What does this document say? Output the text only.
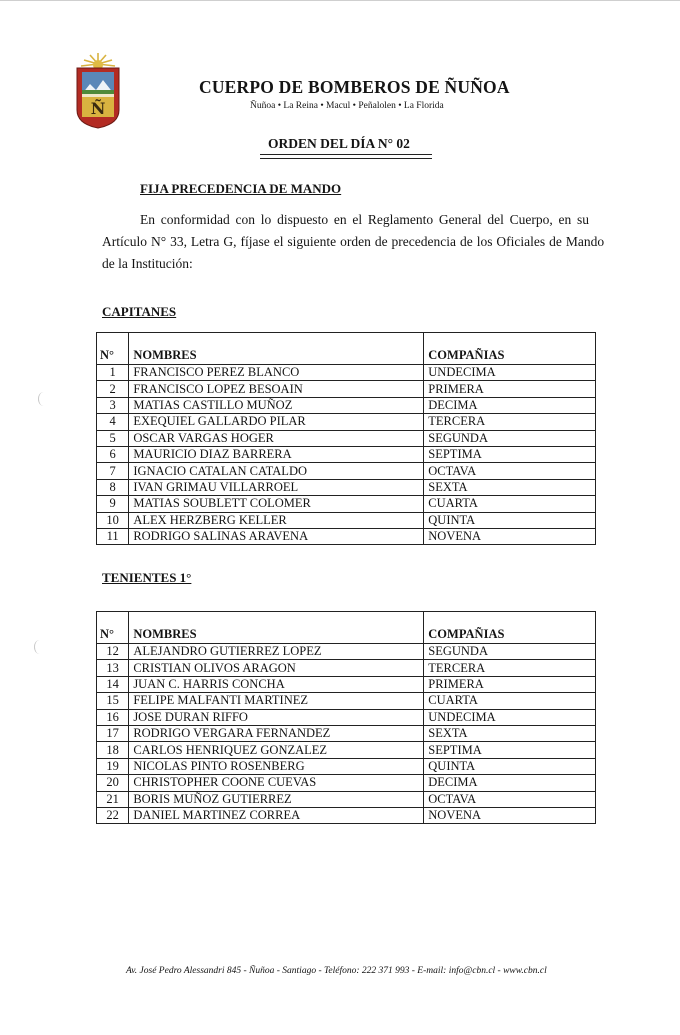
Ñ
CUERPO DE BOMBEROS DE ÑUÑOA
Ñuñoa • La Reina • Macul • Peñalolen • La Florida
ORDEN DEL DÍA N° 02
FIJA PRECEDENCIA DE MANDO
En conformidad con lo dispuesto en el Reglamento General del Cuerpo, en su
Artículo N° 33, Letra G, fíjase el siguiente orden de precedencia de los Oficiales de Mando
de la Institución:
CAPITANES
N°	NOMBRES	COMPAÑIAS
1	FRANCISCO PEREZ BLANCO	UNDECIMA
2	FRANCISCO LOPEZ BESOAIN	PRIMERA
3	MATIAS CASTILLO MUÑOZ	DECIMA
4	EXEQUIEL GALLARDO PILAR	TERCERA
5	OSCAR VARGAS HOGER	SEGUNDA
6	MAURICIO DIAZ BARRERA	SEPTIMA
7	IGNACIO CATALAN CATALDO	OCTAVA
8	IVAN GRIMAU VILLARROEL	SEXTA
9	MATIAS SOUBLETT COLOMER	CUARTA
10	ALEX HERZBERG KELLER	QUINTA
11	RODRIGO SALINAS ARAVENA	NOVENA
TENIENTES 1°
N°	NOMBRES	COMPAÑIAS
12	ALEJANDRO GUTIERREZ LOPEZ	SEGUNDA
13	CRISTIAN OLIVOS ARAGON	TERCERA
14	JUAN C. HARRIS CONCHA	PRIMERA
15	FELIPE MALFANTI MARTINEZ	CUARTA
16	JOSE DURAN RIFFO	UNDECIMA
17	RODRIGO VERGARA FERNANDEZ	SEXTA
18	CARLOS HENRIQUEZ GONZALEZ	SEPTIMA
19	NICOLAS PINTO ROSENBERG	QUINTA
20	CHRISTOPHER COONE CUEVAS	DECIMA
21	BORIS MUÑOZ GUTIERREZ	OCTAVA
22	DANIEL MARTINEZ CORREA	NOVENA
Av. José Pedro Alessandri 845 - Ñuñoa - Santiago - Teléfono: 222 371 993 - E-mail: info@cbn.cl - www.cbn.cl
